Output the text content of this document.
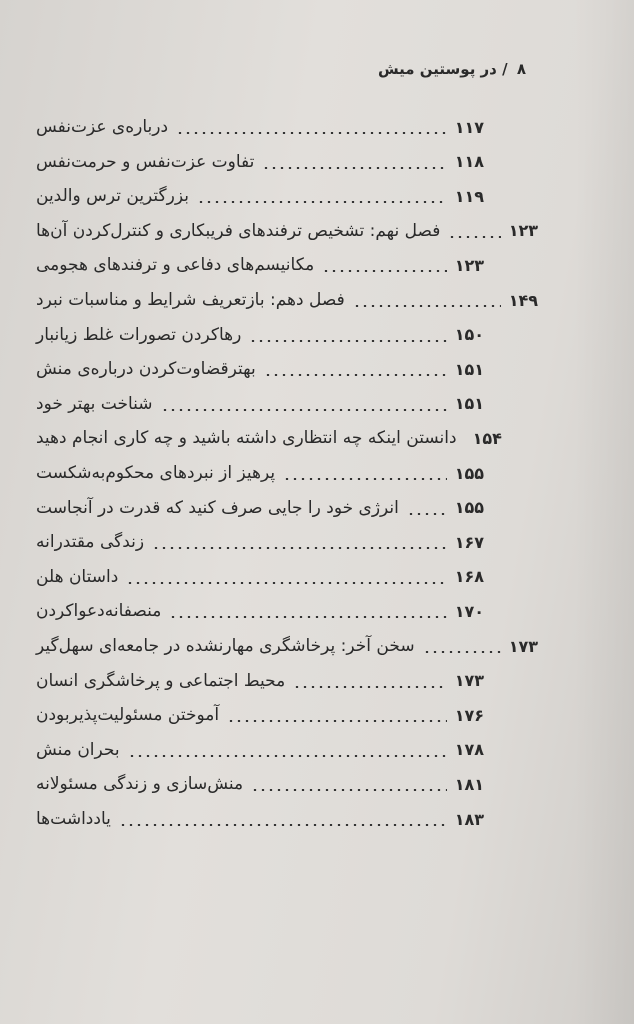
۸ / در پوستین میش
درباره‌ی عزت‌نفس	۱۱۷
تفاوت عزت‌نفس و حرمت‌نفس	۱۱۸
بزرگترین ترس والدین	۱۱۹
فصل نهم: تشخیص ترفندهای فریبکاری و کنترل‌کردن آن‌ها	۱۲۳
مکانیسم‌های دفاعی و ترفندهای هجومی	۱۲۳
فصل دهم: بازتعریف شرایط و مناسبات نبرد	۱۴۹
رهاکردن تصورات غلط زیانبار	۱۵۰
بهترقضاوت‌کردن درباره‌ی منش	۱۵۱
شناخت بهتر خود	۱۵۱
دانستن اینکه چه انتظاری داشته باشید و چه کاری انجام دهید ۱۵۴
پرهیز از نبردهای محکوم‌به‌شکست	۱۵۵
انرژی خود را جایی صرف کنید که قدرت در آنجاست	۱۵۵
زندگی مقتدرانه	۱۶۷
داستان هلن	۱۶۸
منصفانه‌دعواکردن	۱۷۰
سخن آخر: پرخاشگری مهارنشده در جامعه‌ای سهل‌گیر	۱۷۳
محیط اجتماعی و پرخاشگری انسان	۱۷۳
آموختن مسئولیت‌پذیربودن	۱۷۶
بحران منش	۱۷۸
منش‌سازی و زندگی مسئولانه	۱۸۱
یادداشت‌ها	۱۸۳
